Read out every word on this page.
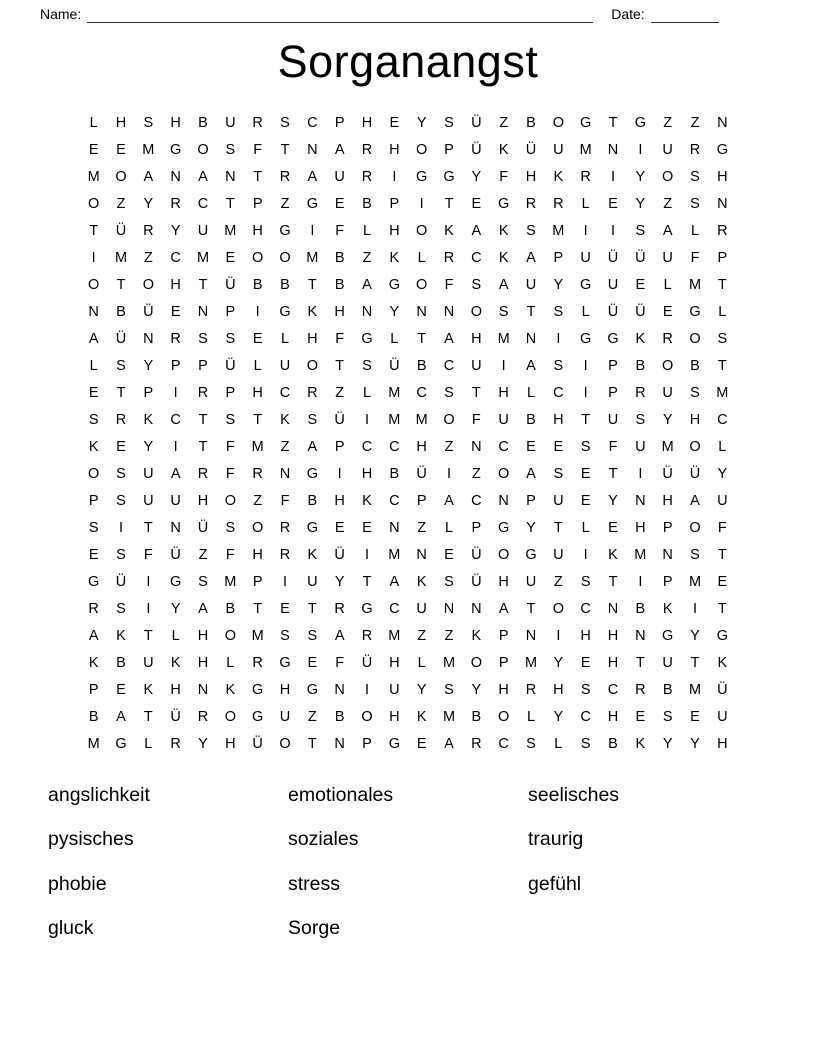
Name:	Date:
Sorganangst
L	H	S	H	B	U	R	S	C	P	H	E	Y	S	Ü	Z	B	O	G	T	G	Z	Z	N
E	E	M	G	O	S	F	T	N	A	R	H	O	P	Ü	K	Ü	U	M	N	I	U	R	G
M	O	A	N	A	N	T	R	A	U	R	I	G	G	Y	F	H	K	R	I	Y	O	S	H
O	Z	Y	R	C	T	P	Z	G	E	B	P	I	T	E	G	R	R	L	E	Y	Z	S	N
T	Ü	R	Y	U	M	H	G	I	F	L	H	O	K	A	K	S	M	I	I	S	A	L	R
I	M	Z	C	M	E	O	O	M	B	Z	K	L	R	C	K	A	P	U	Ü	Ü	U	F	P
O	T	O	H	T	Ü	B	B	T	B	A	G	O	F	S	A	U	Y	G	U	E	L	M	T
N	B	Ü	E	N	P	I	G	K	H	N	Y	N	N	O	S	T	S	L	Ü	Ü	E	G	L
A	Ü	N	R	S	S	E	L	H	F	G	L	T	A	H	M	N	I	G	G	K	R	O	S
L	S	Y	P	P	Ü	L	U	O	T	S	Ü	B	C	U	I	A	S	I	P	B	O	B	T
E	T	P	I	R	P	H	C	R	Z	L	M	C	S	T	H	L	C	I	P	R	U	S	M
S	R	K	C	T	S	T	K	S	Ü	I	M	M	O	F	U	B	H	T	U	S	Y	H	C
K	E	Y	I	T	F	M	Z	A	P	C	C	H	Z	N	C	E	E	S	F	U	M	O	L
O	S	U	A	R	F	R	N	G	I	H	B	Ü	I	Z	O	A	S	E	T	I	Ü	Ü	Y
P	S	U	U	H	O	Z	F	B	H	K	C	P	A	C	N	P	U	E	Y	N	H	A	U
S	I	T	N	Ü	S	O	R	G	E	E	N	Z	L	P	G	Y	T	L	E	H	P	O	F
E	S	F	Ü	Z	F	H	R	K	Ü	I	M	N	E	Ü	O	G	U	I	K	M	N	S	T
G	Ü	I	G	S	M	P	I	U	Y	T	A	K	S	Ü	H	U	Z	S	T	I	P	M	E
R	S	I	Y	A	B	T	E	T	R	G	C	U	N	N	A	T	O	C	N	B	K	I	T
A	K	T	L	H	O	M	S	S	A	R	M	Z	Z	K	P	N	I	H	H	N	G	Y	G
K	B	U	K	H	L	R	G	E	F	Ü	H	L	M	O	P	M	Y	E	H	T	U	T	K
P	E	K	H	N	K	G	H	G	N	I	U	Y	S	Y	H	R	H	S	C	R	B	M	Ü
B	A	T	Ü	R	O	G	U	Z	B	O	H	K	M	B	O	L	Y	C	H	E	S	E	U
M	G	L	R	Y	H	Ü	O	T	N	P	G	E	A	R	C	S	L	S	B	K	Y	Y	H
angslichkeit
pysisches
phobie
gluck
emotionales
soziales
stress
Sorge
seelisches
traurig
gefühl
